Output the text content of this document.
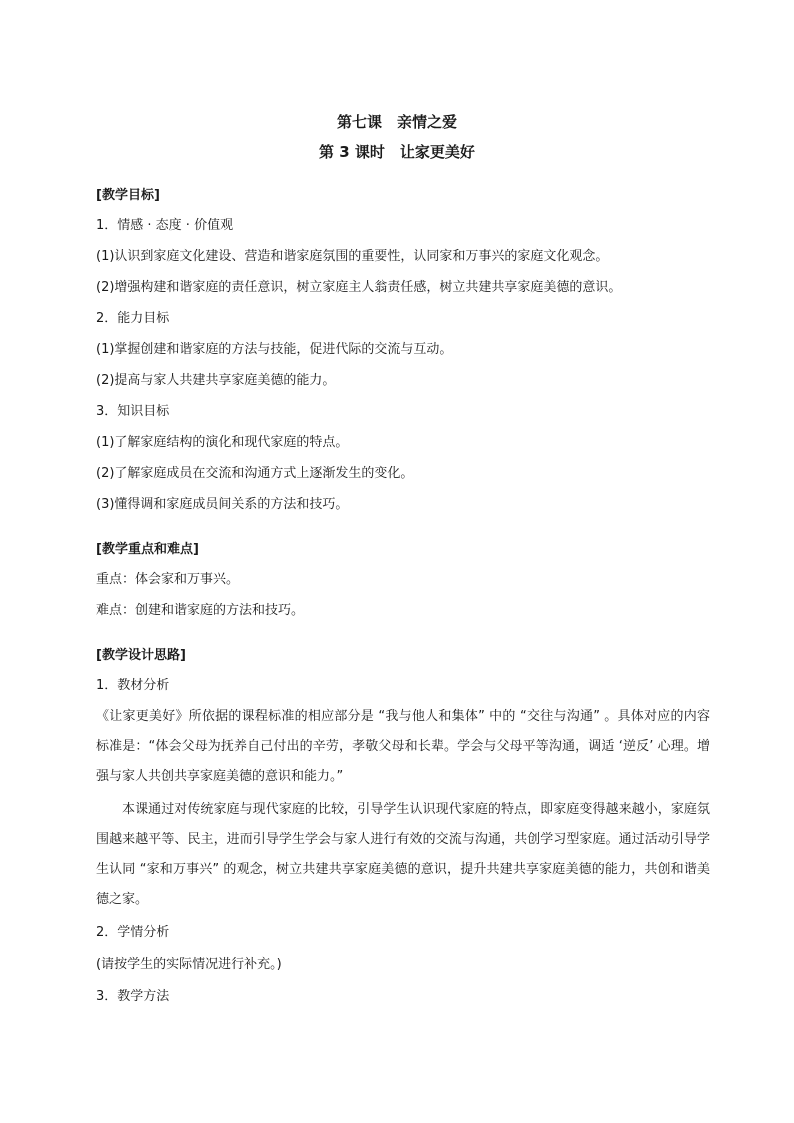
第七课　亲情之爱
第 3 课时　让家更美好
[教学目标]
1．情感 · 态度 · 价值观
(1)认识到家庭文化建设、营造和谐家庭氛围的重要性，认同家和万事兴的家庭文化观念。
(2)增强构建和谐家庭的责任意识，树立家庭主人翁责任感，树立共建共享家庭美德的意识。
2．能力目标
(1)掌握创建和谐家庭的方法与技能，促进代际的交流与互动。
(2)提高与家人共建共享家庭美德的能力。
3．知识目标
(1)了解家庭结构的演化和现代家庭的特点。
(2)了解家庭成员在交流和沟通方式上逐渐发生的变化。
(3)懂得调和家庭成员间关系的方法和技巧。
[教学重点和难点]
重点：体会家和万事兴。
难点：创建和谐家庭的方法和技巧。
[教学设计思路]
1．教材分析
《让家更美好》所依据的课程标准的相应部分是 “我与他人和集体” 中的 “交往与沟通” 。具体对应的内容标准是：“体会父母为抚养自己付出的辛劳，孝敬父母和长辈。学会与父母平等沟通，调适 ‘逆反’ 心理。增强与家人共创共享家庭美德的意识和能力。”
本课通过对传统家庭与现代家庭的比较，引导学生认识现代家庭的特点，即家庭变得越来越小，家庭氛围越来越平等、民主，进而引导学生学会与家人进行有效的交流与沟通，共创学习型家庭。通过活动引导学生认同 “家和万事兴” 的观念，树立共建共享家庭美德的意识，提升共建共享家庭美德的能力，共创和谐美德之家。
2．学情分析
(请按学生的实际情况进行补充。)
3．教学方法
